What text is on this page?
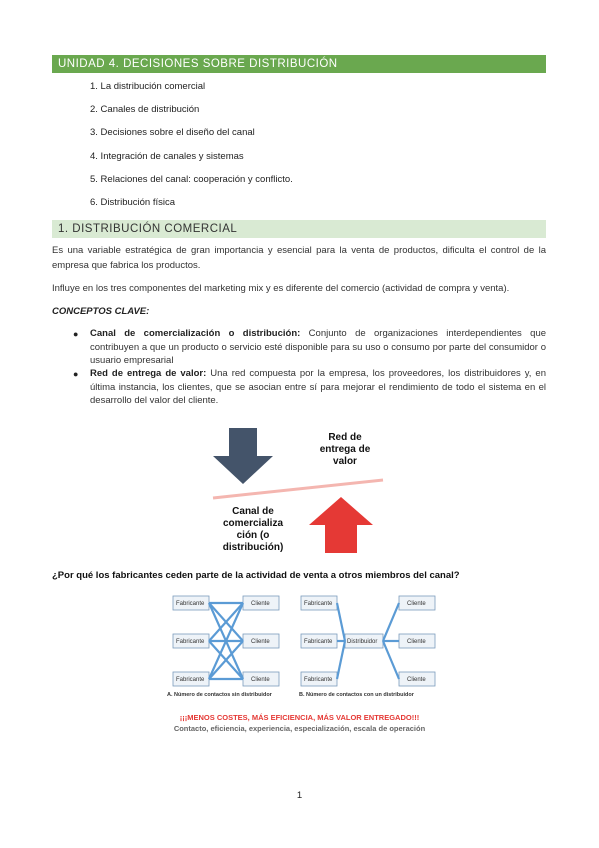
UNIDAD 4. DECISIONES SOBRE DISTRIBUCIÓN
1. La distribución comercial
2. Canales de distribución
3. Decisiones sobre el diseño del canal
4. Integración de canales y sistemas
5. Relaciones del canal: cooperación y conflicto.
6. Distribución física
1. DISTRIBUCIÓN COMERCIAL
Es una variable estratégica de gran importancia y esencial para la venta de productos, dificulta el control de la empresa que fabrica los productos.
Influye en los tres componentes del marketing mix y es diferente del comercio (actividad de compra y venta).
CONCEPTOS CLAVE:
● Canal de comercialización o distribución: Conjunto de organizaciones interdependientes que contribuyen a que un producto o servicio esté disponible para su uso o consumo por parte del consumidor o usuario empresarial
● Red de entrega de valor: Una red compuesta por la empresa, los proveedores, los distribuidores y, en última instancia, los clientes, que se asocian entre sí para mejorar el rendimiento de todo el sistema en el desarrollo del valor del cliente.
Red de
entrega de
valor
Canal de
comercializa
ción (o
distribución)
¿Por qué los fabricantes ceden parte de la actividad de venta a otros miembros del canal?
Fabricante
Fabricante
Fabricante
Cliente
Cliente
Cliente
A. Número de contactos sin distribuidor
Fabricante
Fabricante
Fabricante
Distribuidor
Cliente
Cliente
Cliente
B. Número de contactos con un distribuidor
¡¡¡MENOS COSTES, MÁS EFICIENCIA, MÁS VALOR ENTREGADO!!!
Contacto, eficiencia, experiencia, especialización, escala de operación
1
